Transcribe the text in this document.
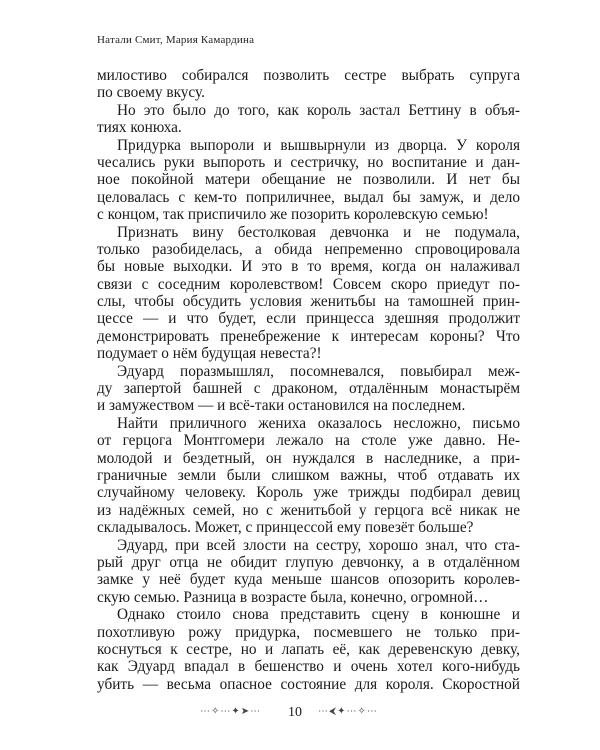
Натали Смит, Мария Камардина
милостиво собирался позволить сестре выбрать супруга
по своему вкусу.
Но это было до того, как король застал Беттину в объя-
тиях конюха.
Придурка выпороли и вышвырнули из дворца. У короля
чесались руки выпороть и сестричку, но воспитание и дан-
ное покойной матери обещание не позволили. И нет бы
целовалась с кем-то поприличнее, выдал бы замуж, и дело
с концом, так приспичило же позорить королевскую семью!
Признать вину бестолковая девчонка и не подумала,
только разобиделась, а обида непременно спровоцировала
бы новые выходки. И это в то время, когда он налаживал
связи с соседним королевством! Совсем скоро приедут по-
слы, чтобы обсудить условия женитьбы на тамошней прин-
цессе — и что будет, если принцесса здешняя продолжит
демонстрировать пренебрежение к интересам короны? Что
подумает о нём будущая невеста?!
Эдуард поразмышлял, посомневался, повыбирал меж-
ду запертой башней с драконом, отдалённым монастырём
и замужеством — и всё-таки остановился на последнем.
Найти приличного жениха оказалось несложно, письмо
от герцога Монтгомери лежало на столе уже давно. Не-
молодой и бездетный, он нуждался в наследнике, а при-
граничные земли были слишком важны, чтоб отдавать их
случайному человеку. Король уже трижды подбирал девиц
из надёжных семей, но с женитьбой у герцога всё никак не
складывалось. Может, с принцессой ему повезёт больше?
Эдуард, при всей злости на сестру, хорошо знал, что ста-
рый друг отца не обидит глупую девчонку, а в отдалённом
замке у неё будет куда меньше шансов опозорить королев-
скую семью. Разница в возрасте была, конечно, огромной…
Однако стоило снова представить сцену в конюшне и
похотливую рожу придурка, посмевшего не только при-
коснуться к сестре, но и лапать её, как деревенскую девку,
как Эдуард впадал в бешенство и очень хотел кого-нибудь
убить — весьма опасное состояние для короля. Скоростной
⋯✧⋯✦➤⋯ 10 ⋯⮜✦⋯✧⋯
